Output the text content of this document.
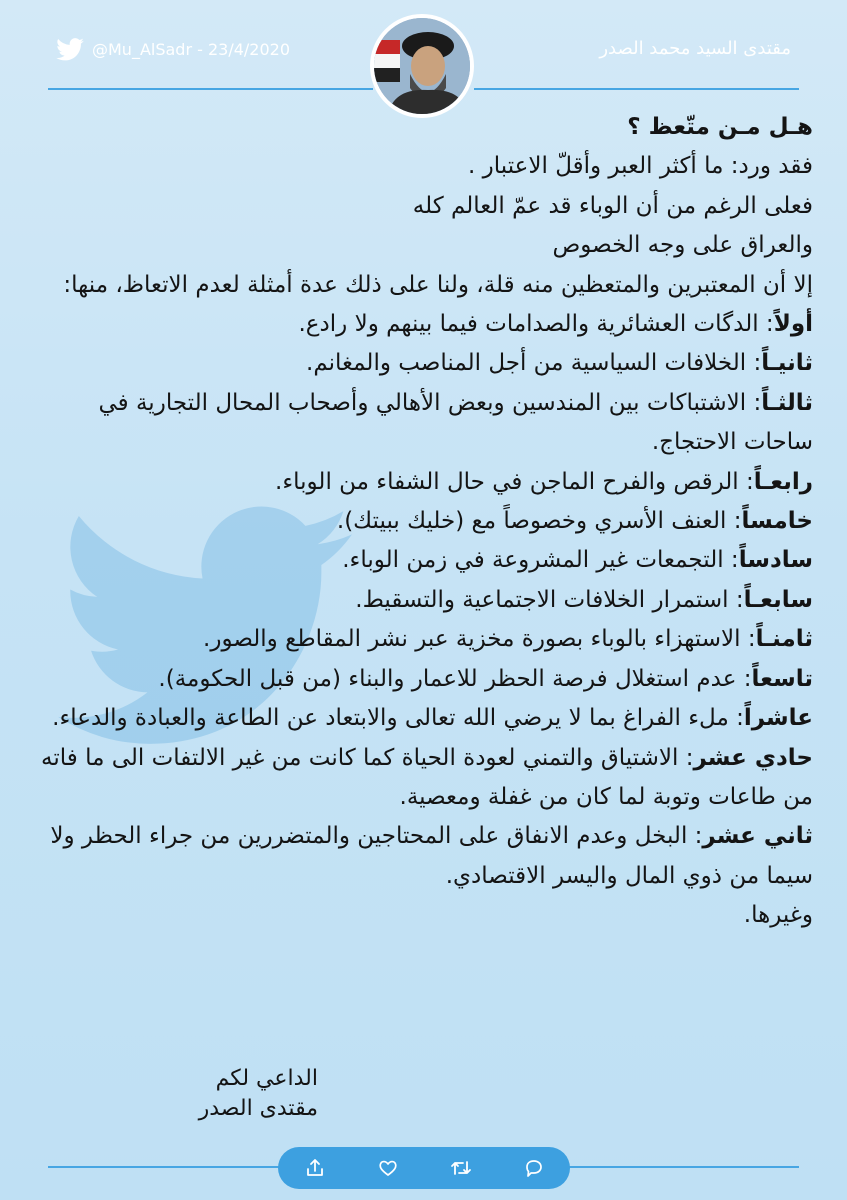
@Mu_AlSadr - 23/4/2020	مقتدى السيد محمد الصدر

هـل مـن متّعظ ؟

فقد ورد: ما أكثر العبر وأقلّ الاعتبار .

فعلى الرغم من أن الوباء قد عمّ العالم كله

والعراق على وجه الخصوص

إلا أن المعتبرين والمتعظين منه قلة، ولنا على ذلك عدة أمثلة لعدم الاتعاظ، منها:

أولاً: الدگات العشائرية والصدامات فيما بينهم ولا رادع.

ثانيـاً: الخلافات السياسية من أجل المناصب والمغانم.

ثالثـاً: الاشتباكات بين المندسين وبعض الأهالي وأصحاب المحال التجارية في ساحات الاحتجاج.

رابعـاً: الرقص والفرح الماجن في حال الشفاء من الوباء.

خامساً: العنف الأسري وخصوصاً مع (خليك ببيتك).

سادساً: التجمعات غير المشروعة في زمن الوباء.

سابعـاً: استمرار الخلافات الاجتماعية والتسقيط.

ثامنـاً: الاستهزاء بالوباء بصورة مخزية عبر نشر المقاطع والصور.

تاسعاً: عدم استغلال فرصة الحظر للاعمار والبناء (من قبل الحكومة).

عاشراً: ملء الفراغ بما لا يرضي الله تعالى والابتعاد عن الطاعة والعبادة والدعاء.

حادي عشر: الاشتياق والتمني لعودة الحياة كما كانت من غير الالتفات الى ما فاته من طاعات وتوبة لما كان من غفلة ومعصية.

ثاني عشر: البخل وعدم الانفاق على المحتاجين والمتضررين من جراء الحظر ولا سيما من ذوي المال واليسر الاقتصادي.

وغيرها.

الداعي لكم

مقتدى الصدر
